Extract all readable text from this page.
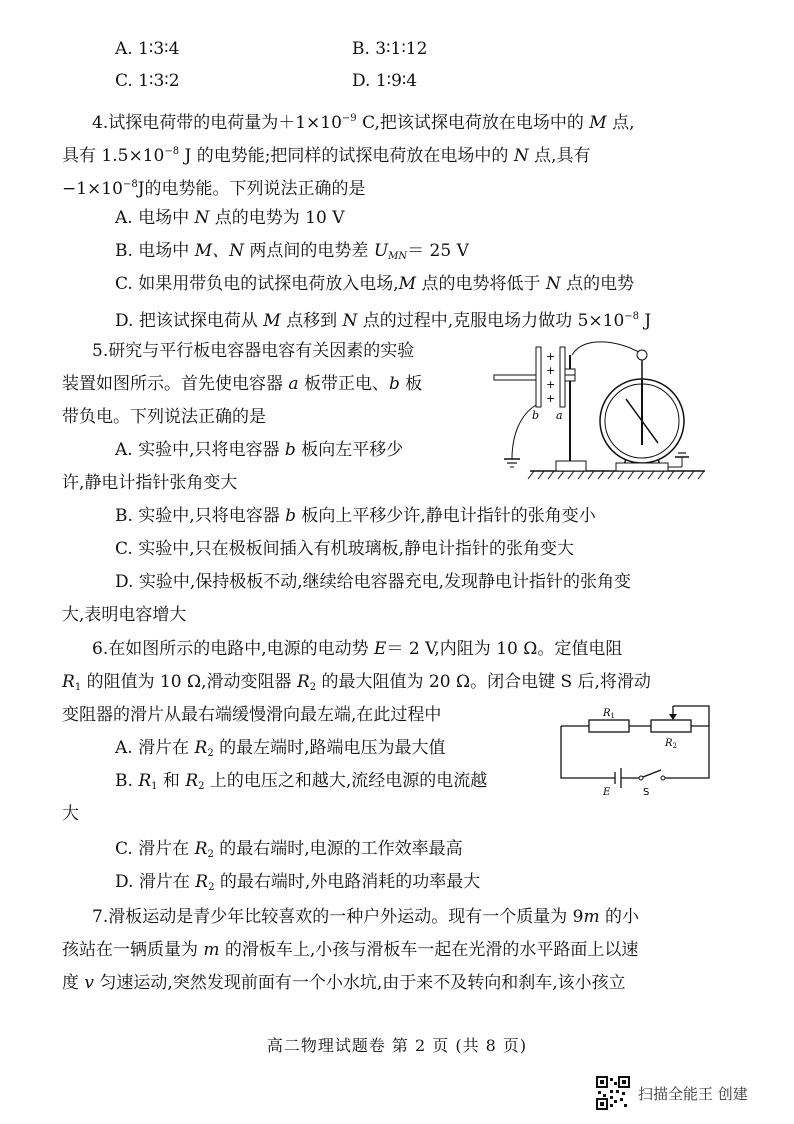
A. 1∶3∶4	B. 3∶1∶12
C. 1∶3∶2	D. 1∶9∶4
4.试探电荷带的电荷量为$+1\times 10^{-9}$ C,把该试探电荷放在电场中的 M 点,
具有 $1.5\times 10^{-8}$ J 的电势能;把同样的试探电荷放在电场中的 N 点,具有
$-1\times 10^{-8}J$的电势能。下列说法正确的是
A. 电场中 N 点的电势为 10 V
B. 电场中 M、N 两点间的电势差 $U_{MN}= 25$ V
C. 如果用带负电的试探电荷放入电场,M 点的电势将低于 N 点的电势
D. 把该试探电荷从 M 点移到 N 点的过程中,克服电场力做功 $5\times 10^{-8}$ J
5.研究与平行板电容器电容有关因素的实验
装置如图所示。首先使电容器 a 板带正电、b 板
带负电。下列说法正确的是
A. 实验中,只将电容器 b 板向左平移少
许,静电计指针张角变大
B. 实验中,只将电容器 b 板向上平移少许,静电计指针的张角变小
C. 实验中,只在极板间插入有机玻璃板,静电计指针的张角变大
D. 实验中,保持极板不动,继续给电容器充电,发现静电计指针的张角变
大,表明电容增大
+
+
+
+
b a
6.在如图所示的电路中,电源的电动势 E＝ 2 V,内阻为 10 Ω。定值电阻
$R_1$ 的阻值为 10 Ω,滑动变阻器 $R_2$ 的最大阻值为 20 Ω。闭合电键 S 后,将滑动
变阻器的滑片从最右端缓慢滑向最左端,在此过程中
A. 滑片在 $R_2$ 的最左端时,路端电压为最大值
B. $R_1$ 和 $R_2$ 上的电压之和越大,流经电源的电流越
大
C. 滑片在 $R_2$ 的最右端时,电源的工作效率最高
D. 滑片在 $R_2$ 的最右端时,外电路消耗的功率最大
$R_1$
$R_2$
E	S
7.滑板运动是青少年比较喜欢的一种户外运动。现有一个质量为 9m 的小
孩站在一辆质量为 m 的滑板车上,小孩与滑板车一起在光滑的水平路面上以速
度 v 匀速运动,突然发现前面有一个小水坑,由于来不及转向和刹车,该小孩立
高二物理试题卷 第 2 页 (共 8 页)
扫描全能王 创建
